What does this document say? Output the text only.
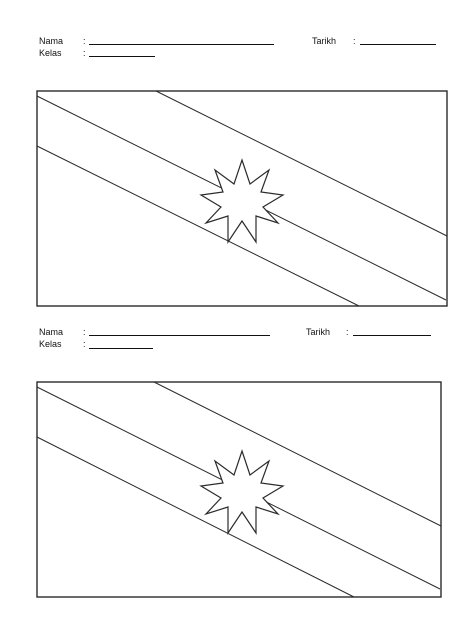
Nama :	Tarikh :
Kelas :
Nama :	Tarikh :
Kelas :
